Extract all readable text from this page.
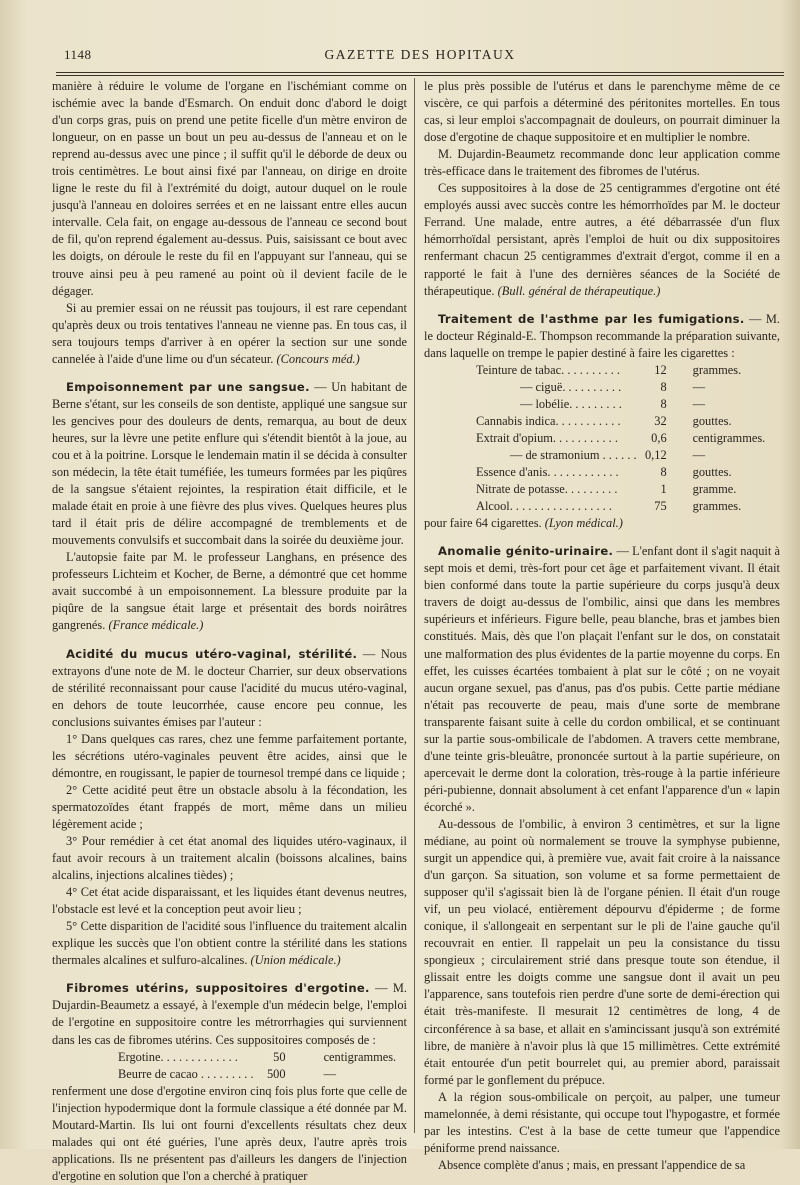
1148	GAZETTE DES HOPITAUX

manière à réduire le volume de l'organe en l'ischémiant comme on ischémie avec la bande d'Esmarch. On enduit donc d'abord le doigt d'un corps gras, puis on prend une petite ficelle d'un mètre environ de longueur, on en passe un bout un peu au-dessus de l'anneau et on le reprend au-dessus avec une pince ; il suffit qu'il le déborde de deux ou trois centimètres. Le bout ainsi fixé par l'anneau, on dirige en droite ligne le reste du fil à l'extrémité du doigt, autour duquel on le roule jusqu'à l'anneau en doloires serrées et en ne laissant entre elles aucun intervalle. Cela fait, on engage au-dessous de l'anneau ce second bout de fil, qu'on reprend également au-dessus. Puis, saisissant ce bout avec les doigts, on déroule le reste du fil en l'appuyant sur l'anneau, qui se trouve ainsi peu à peu ramené au point où il devient facile de le dégager.

Si au premier essai on ne réussit pas toujours, il est rare cependant qu'après deux ou trois tentatives l'anneau ne vienne pas. En tous cas, il sera toujours temps d'arriver à en opérer la section sur une sonde cannelée à l'aide d'une lime ou d'un sécateur. (Concours méd.)

Empoisonnement par une sangsue. — Un habitant de Berne s'étant, sur les conseils de son dentiste, appliqué une sangsue sur les gencives pour des douleurs de dents, remarqua, au bout de deux heures, sur la lèvre une petite enflure qui s'étendit bientôt à la joue, au cou et à la poitrine. Lorsque le lendemain matin il se décida à consulter son médecin, la tête était tuméfiée, les tumeurs formées par les piqûres de la sangsue s'étaient rejointes, la respiration était difficile, et le malade était en proie à une fièvre des plus vives. Quelques heures plus tard il était pris de délire accompagné de tremblements et de mouvements convulsifs et succombait dans la soirée du deuxième jour.

L'autopsie faite par M. le professeur Langhans, en présence des professeurs Lichteim et Kocher, de Berne, a démontré que cet homme avait succombé à un empoisonnement. La blessure produite par la piqûre de la sangsue était large et présentait des bords noirâtres gangrenés. (France médicale.)

Acidité du mucus utéro-vaginal, stérilité. — Nous extrayons d'une note de M. le docteur Charrier, sur deux observations de stérilité reconnaissant pour cause l'acidité du mucus utéro-vaginal, en dehors de toute leucorrhée, cause encore peu connue, les conclusions suivantes émises par l'auteur :

1° Dans quelques cas rares, chez une femme parfaitement portante, les sécrétions utéro-vaginales peuvent être acides, ainsi que le démontre, en rougissant, le papier de tournesol trempé dans ce liquide ;

2° Cette acidité peut être un obstacle absolu à la fécondation, les spermatozoïdes étant frappés de mort, même dans un milieu légèrement acide ;

3° Pour remédier à cet état anomal des liquides utéro-vaginaux, il faut avoir recours à un traitement alcalin (boissons alcalines, bains alcalins, injections alcalines tièdes) ;

4° Cet état acide disparaissant, et les liquides étant devenus neutres, l'obstacle est levé et la conception peut avoir lieu ;

5° Cette disparition de l'acidité sous l'influence du traitement alcalin explique les succès que l'on obtient contre la stérilité dans les stations thermales alcalines et sulfuro-alcalines. (Union médicale.)

Fibromes utérins, suppositoires d'ergotine. — M. Dujardin-Beaumetz a essayé, à l'exemple d'un médecin belge, l'emploi de l'ergotine en suppositoire contre les métrorrhagies qui surviennent dans les cas de fibromes utérins. Ces suppositoires composés de :

Ergotine. . . . . . . . . . . . .	50	centigrammes.
Beurre de cacao . . . . . . . . .	500	—

renferment une dose d'ergotine environ cinq fois plus forte que celle de l'injection hypodermique dont la formule classique a été donnée par M. Moutard-Martin. Ils lui ont fourni d'excellents résultats chez deux malades qui ont été guéries, l'une après deux, l'autre après trois applications. Ils ne présentent pas d'ailleurs les dangers de l'injection d'ergotine en solution que l'on a cherché à pratiquer

le plus près possible de l'utérus et dans le parenchyme même de ce viscère, ce qui parfois a déterminé des péritonites mortelles. En tous cas, si leur emploi s'accompagnait de douleurs, on pourrait diminuer la dose d'ergotine de chaque suppositoire et en multiplier le nombre.

M. Dujardin-Beaumetz recommande donc leur application comme très-efficace dans le traitement des fibromes de l'utérus.

Ces suppositoires à la dose de 25 centigrammes d'ergotine ont été employés aussi avec succès contre les hémorrhoïdes par M. le docteur Ferrand. Une malade, entre autres, a été débarrassée d'un flux hémorrhoïdal persistant, après l'emploi de huit ou dix suppositoires renfermant chacun 25 centigrammes d'extrait d'ergot, comme il en a rapporté le fait à l'une des dernières séances de la Société de thérapeutique. (Bull. général de thérapeutique.)

Traitement de l'asthme par les fumigations. — M. le docteur Réginald-E. Thompson recommande la préparation suivante, dans laquelle on trempe le papier destiné à faire les cigarettes :

Teinture de tabac. . . . . . . . . .	12	grammes.
— ciguë. . . . . . . . . .	8	—
— lobélie. . . . . . . . .	8	—
Cannabis indica. . . . . . . . . . .	32	gouttes.
Extrait d'opium. . . . . . . . . . .	0,6	centigrammes.
— de stramonium . . . . . .	0,12	—
Essence d'anis. . . . . . . . . . . .	8	gouttes.
Nitrate de potasse. . . . . . . . .	1	gramme.
Alcool. . . . . . . . . . . . . . . . .	75	grammes.

pour faire 64 cigarettes. (Lyon médical.)

Anomalie génito-urinaire. — L'enfant dont il s'agit naquit à sept mois et demi, très-fort pour cet âge et parfaitement vivant. Il était bien conformé dans toute la partie supérieure du corps jusqu'à deux travers de doigt au-dessus de l'ombilic, ainsi que dans les membres supérieurs et inférieurs. Figure belle, peau blanche, bras et jambes bien constitués. Mais, dès que l'on plaçait l'enfant sur le dos, on constatait une malformation des plus évidentes de la partie moyenne du corps. En effet, les cuisses écartées tombaient à plat sur le côté ; on ne voyait aucun organe sexuel, pas d'anus, pas d'os pubis. Cette partie médiane n'était pas recouverte de peau, mais d'une sorte de membrane transparente faisant suite à celle du cordon ombilical, et se continuant sur la partie sous-ombilicale de l'abdomen. A travers cette membrane, d'une teinte gris-bleuâtre, prononcée surtout à la partie supérieure, on apercevait le derme dont la coloration, très-rouge à la partie inférieure péri-pubienne, donnait absolument à cet enfant l'apparence d'un « lapin écorché ».

Au-dessous de l'ombilic, à environ 3 centimètres, et sur la ligne médiane, au point où normalement se trouve la symphyse pubienne, surgit un appendice qui, à première vue, avait fait croire à la naissance d'un garçon. Sa situation, son volume et sa forme permettaient de supposer qu'il s'agissait bien là de l'organe pénien. Il était d'un rouge vif, un peu violacé, entièrement dépourvu d'épiderme ; de forme conique, il s'allongeait en serpentant sur le pli de l'aine gauche qu'il recouvrait en entier. Il rappelait un peu la consistance du tissu spongieux ; circulairement strié dans presque toute son étendue, il glissait entre les doigts comme une sangsue dont il avait un peu l'apparence, sans toutefois rien perdre d'une sorte de demi-érection qui était très-manifeste. Il mesurait 12 centimètres de long, 4 de circonférence à sa base, et allait en s'amincissant jusqu'à son extrémité libre, de manière à n'avoir plus là que 15 millimètres. Cette extrémité était entourée d'un petit bourrelet qui, au premier abord, paraissait formé par le gonflement du prépuce.

A la région sous-ombilicale on perçoit, au palper, une tumeur mamelonnée, à demi résistante, qui occupe tout l'hypogastre, et formée par les intestins. C'est à la base de cette tumeur que l'appendice péniforme prend naissance.

Absence complète d'anus ; mais, en pressant l'appendice de sa
